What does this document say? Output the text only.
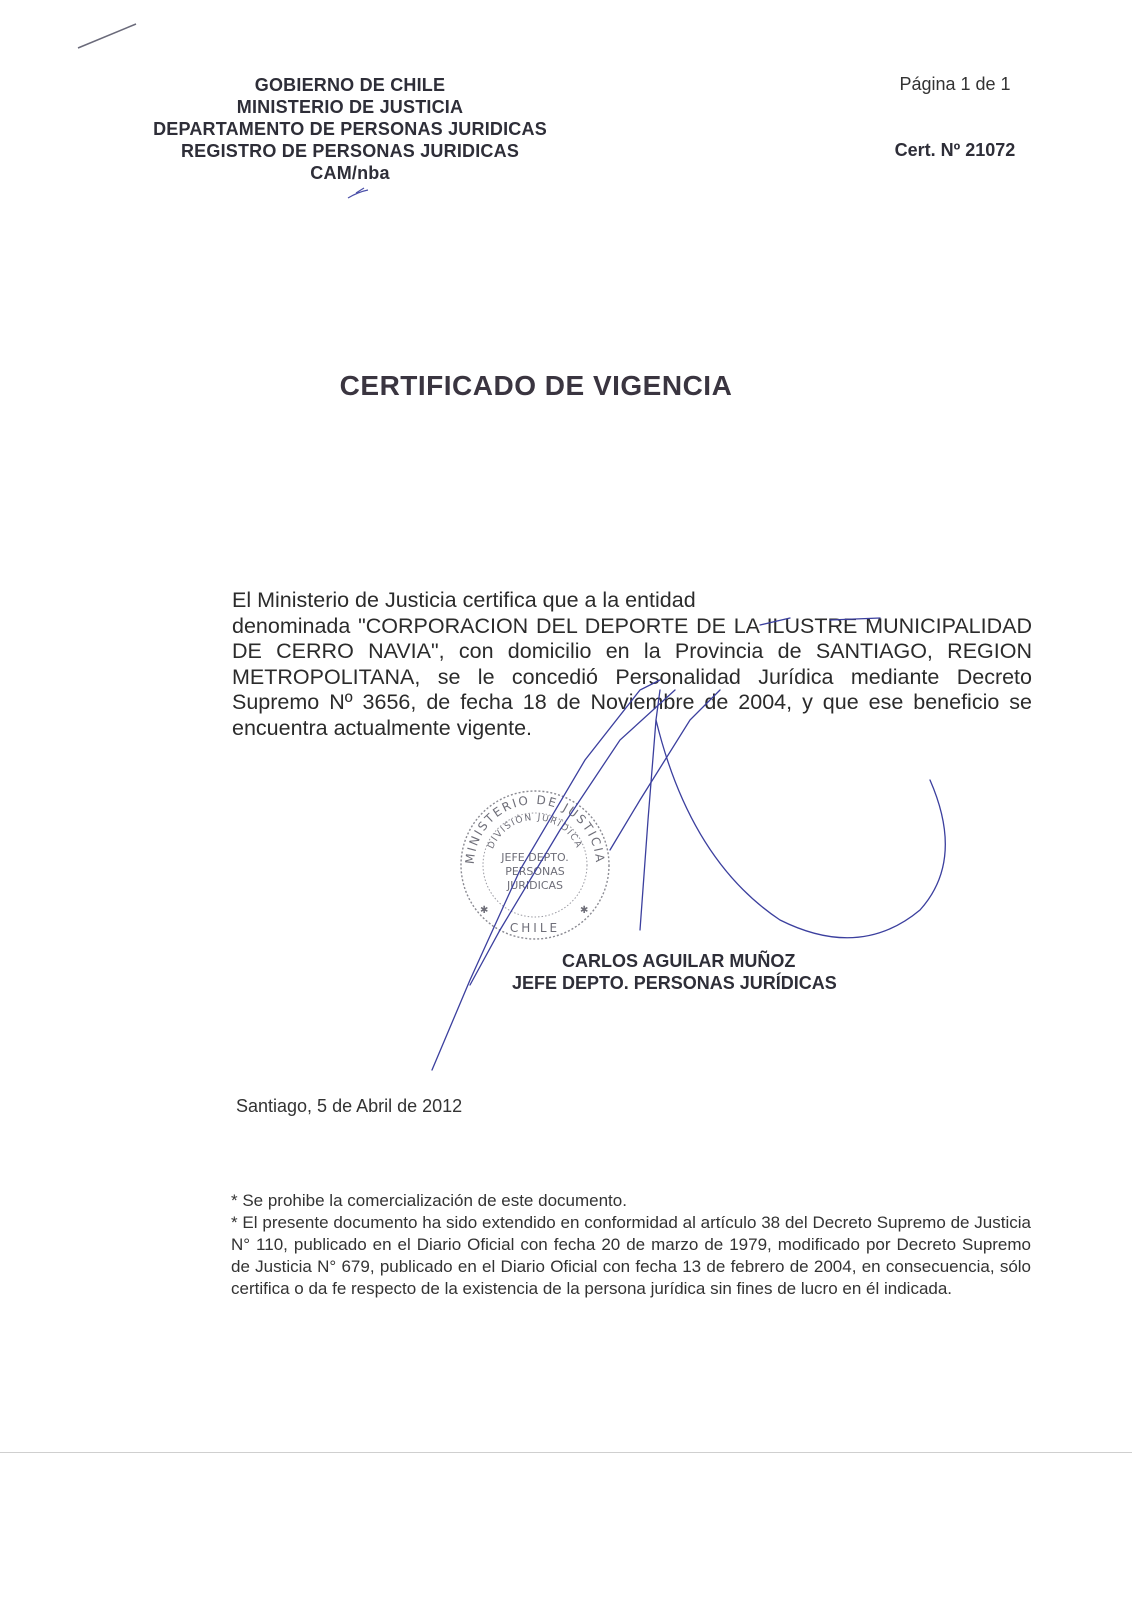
GOBIERNO DE CHILE
MINISTERIO DE JUSTICIA
DEPARTAMENTO DE PERSONAS JURIDICAS
REGISTRO DE PERSONAS JURIDICAS
CAM/nba
Página 1 de 1
Cert. Nº 21072
CERTIFICADO DE VIGENCIA
El Ministerio de Justicia certifica que a la entidad
denominada "CORPORACION DEL DEPORTE DE LA ILUSTRE MUNICIPALIDAD DE CERRO NAVIA", con domicilio en la Provincia de SANTIAGO, REGION METROPOLITANA, se le concedió Personalidad Jurídica mediante Decreto Supremo Nº 3656, de fecha 18 de Noviembre de 2004, y que ese beneficio se encuentra actualmente vigente.
MINISTERIO DE JUSTICIA
DIVISIÓN JURÍDICA
JEFE DEPTO.
PERSONAS
JURIDICAS
CHILE
✱	✱
CARLOS AGUILAR MUÑOZ
JEFE DEPTO. PERSONAS JURÍDICAS
Santiago, 5 de Abril de 2012

* Se prohibe la comercialización de este documento.

* El presente documento ha sido extendido en conformidad al artículo 38 del Decreto Supremo de Justicia N° 110, publicado en el Diario Oficial con fecha 20 de marzo de 1979, modificado por Decreto Supremo de Justicia N° 679, publicado en el Diario Oficial con fecha 13 de febrero de 2004, en consecuencia, sólo certifica o da fe respecto de la existencia de la persona jurídica sin fines de lucro en él indicada.
